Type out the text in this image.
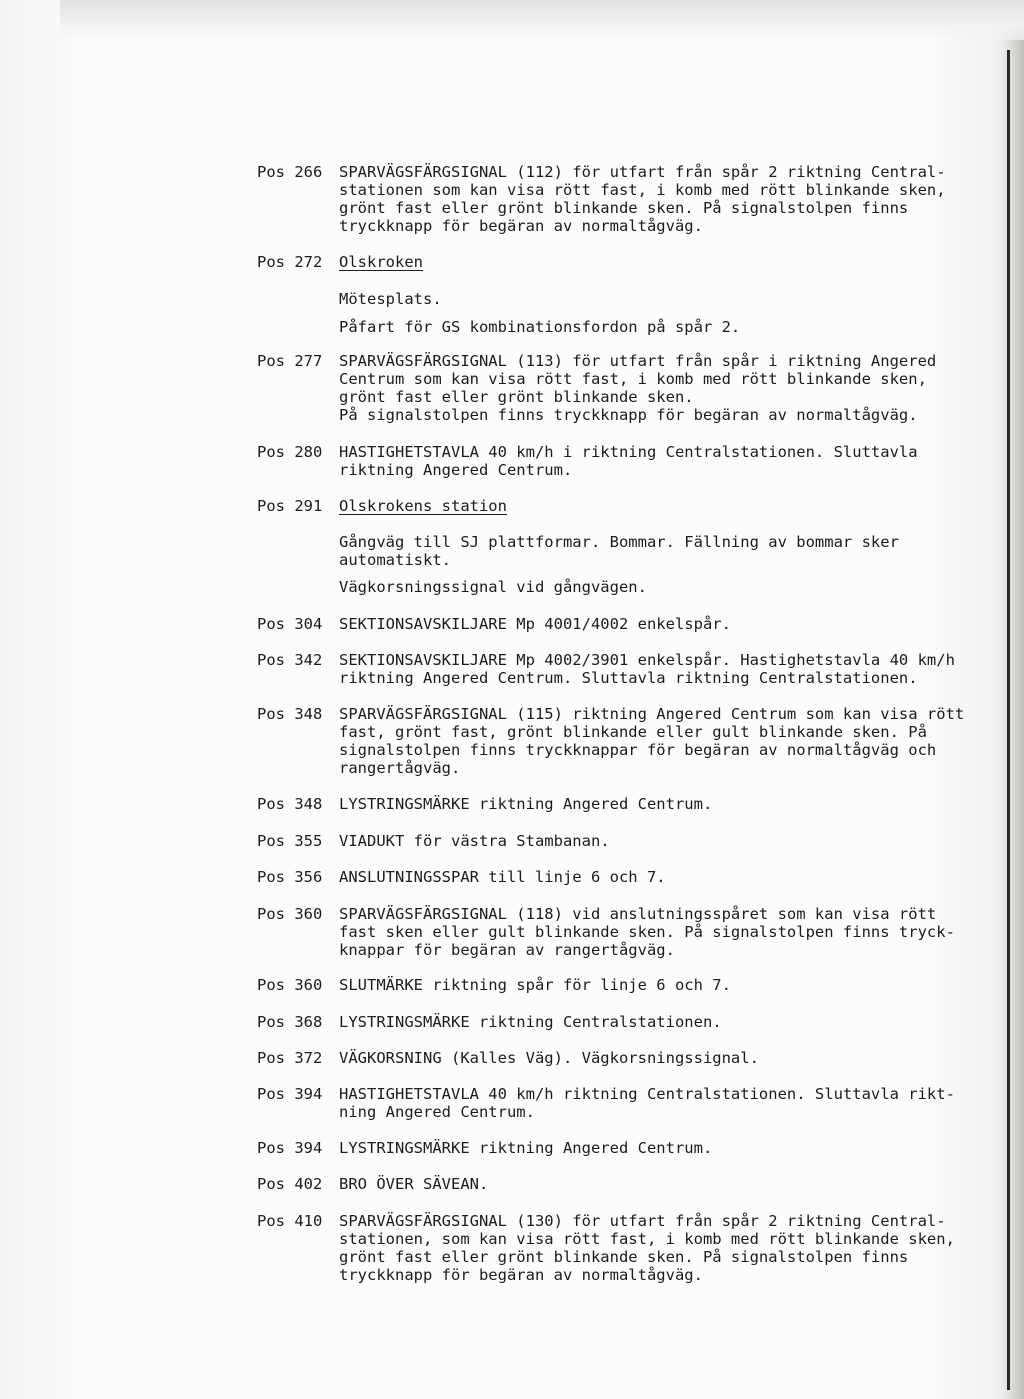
Pos 266	SPARVÄGSFÄRGSIGNAL (112) för utfart från spår 2 riktning Central-
stationen som kan visa rött fast, i komb med rött blinkande sken,
grönt fast eller grönt blinkande sken. På signalstolpen finns
tryckknapp för begäran av normaltågväg.
Pos 272	Olskroken
Mötesplats.
Påfart för GS kombinationsfordon på spår 2.
Pos 277	SPARVÄGSFÄRGSIGNAL (113) för utfart från spår i riktning Angered
Centrum som kan visa rött fast, i komb med rött blinkande sken,
grönt fast eller grönt blinkande sken.
På signalstolpen finns tryckknapp för begäran av normaltågväg.
Pos 280	HASTIGHETSTAVLA 40 km/h i riktning Centralstationen. Sluttavla
riktning Angered Centrum.
Pos 291	Olskrokens station
Gångväg till SJ plattformar. Bommar. Fällning av bommar sker
automatiskt.
Vägkorsningssignal vid gångvägen.
Pos 304	SEKTIONSAVSKILJARE Mp 4001/4002 enkelspår.
Pos 342	SEKTIONSAVSKILJARE Mp 4002/3901 enkelspår. Hastighetstavla 40 km/h
riktning Angered Centrum. Sluttavla riktning Centralstationen.
Pos 348	SPARVÄGSFÄRGSIGNAL (115) riktning Angered Centrum som kan visa rött
fast, grönt fast, grönt blinkande eller gult blinkande sken. På
signalstolpen finns tryckknappar för begäran av normaltågväg och
rangertågväg.
Pos 348	LYSTRINGSMÄRKE riktning Angered Centrum.
Pos 355	VIADUKT för västra Stambanan.
Pos 356	ANSLUTNINGSSPAR till linje 6 och 7.
Pos 360	SPARVÄGSFÄRGSIGNAL (118) vid anslutningsspåret som kan visa rött
fast sken eller gult blinkande sken. På signalstolpen finns tryck-
knappar för begäran av rangertågväg.
Pos 360	SLUTMÄRKE riktning spår för linje 6 och 7.
Pos 368	LYSTRINGSMÄRKE riktning Centralstationen.
Pos 372	VÄGKORSNING (Kalles Väg). Vägkorsningssignal.
Pos 394	HASTIGHETSTAVLA 40 km/h riktning Centralstationen. Sluttavla rikt-
ning Angered Centrum.
Pos 394	LYSTRINGSMÄRKE riktning Angered Centrum.
Pos 402	BRO ÖVER SÄVEAN.
Pos 410	SPARVÄGSFÄRGSIGNAL (130) för utfart från spår 2 riktning Central-
stationen, som kan visa rött fast, i komb med rött blinkande sken,
grönt fast eller grönt blinkande sken. På signalstolpen finns
tryckknapp för begäran av normaltågväg.
